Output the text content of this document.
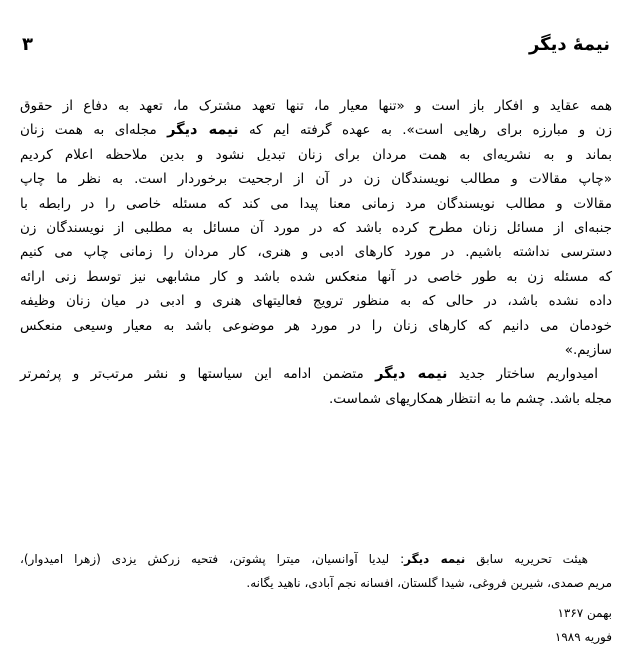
نیمهٔ دیگر
۳
همه عقاید و افکار باز است و «تنها معیار ما، تنها تعهد مشترک ما، تعهد به دفاع از حقوق
زن و مبارزه برای رهایی است». به عهده گرفته ایم که نیمه دیگر مجله‌ای به همت زنان
بماند و به نشریه‌ای به همت مردان برای زنان تبدیل نشود و بدین ملاحظه اعلام کردیم
«چاپ مقالات و مطالب نویسندگان زن در آن از ارجحیت برخوردار است. به نظر ما چاپ
مقالات و مطالب نویسندگان مرد زمانی معنا پیدا می کند که مسئله خاصی را در رابطه با
جنبه‌ای از مسائل زنان مطرح کرده باشد که در مورد آن مسائل به مطلبی از نویسندگان زن
دسترسی نداشته باشیم. در مورد کارهای ادبی و هنری، کار مردان را زمانی چاپ می کنیم
که مسئله زن به طور خاصی در آنها منعکس شده باشد و کار مشابهی نیز توسط زنی ارائه
داده نشده باشد، در حالی که به منظور ترویج فعالیتهای هنری و ادبی در میان زنان وظیفه
خودمان می دانیم که کارهای زنان را در مورد هر موضوعی باشد به معیار وسیعی منعکس
سازیم.»
امیدواریم ساختار جدید نیمه دیگر متضمن ادامه این سیاستها و نشر مرتب‌تر و پرثمرتر
مجله باشد. چشم ما به انتظار همکاریهای شماست.
هیئت تحریریه سابق نیمه دیگر: لیدیا آوانسیان، میترا پشوتن، فتحیه زرکش یزدی (زهرا امیدوار)،
مریم صمدی، شیرین فروغی، شیدا گلستان، افسانه نجم آبادی، ناهید یگانه.
بهمن ۱۳۶۷
فوریه ۱۹۸۹
